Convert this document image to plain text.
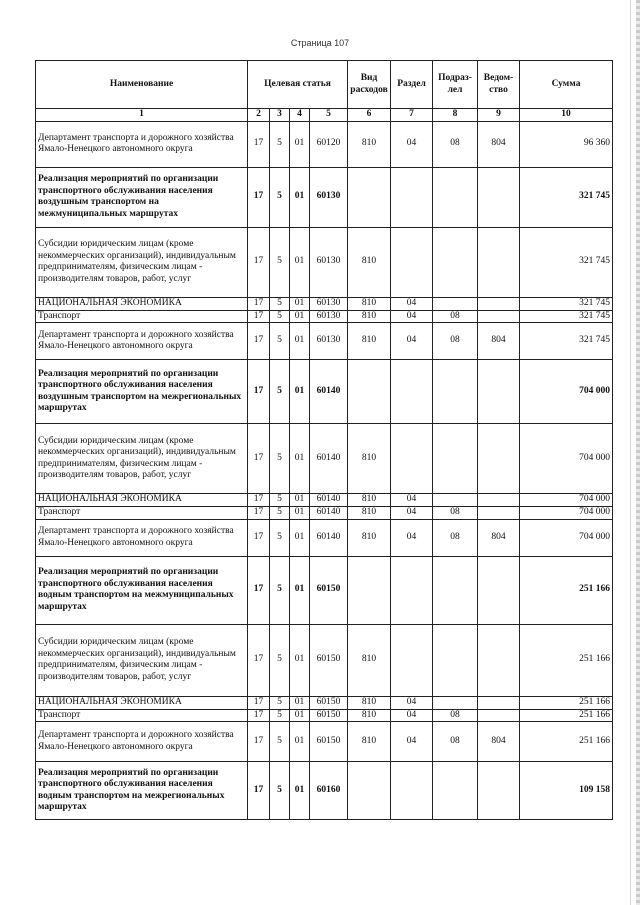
Страница 107
Наименование	Целевая статья				Вид расходов	Раздел	Подраз-лел	Ведом-ство	Сумма
1	2	3	4	5	6	7	8	9	10
Департамент транспорта и дорожного хозяйства Ямало-Ненецкого автономного округа	17	5	01	60120	810	04	08	804	96 360
Реализация мероприятий по организации транспортного обслуживания населения воздушным транспортом на межмуниципальных маршрутах	17	5	01	60130					321 745
Субсидии юридическим лицам (кроме некоммерческих организаций), индивидуальным предпринимателям, физическим лицам - производителям товаров, работ, услуг	17	5	01	60130	810				321 745
НАЦИОНАЛЬНАЯ ЭКОНОМИКА	17	5	01	60130	810	04			321 745
Транспорт	17	5	01	60130	810	04	08		321 745
Департамент транспорта и дорожного хозяйства Ямало-Ненецкого автономного округа	17	5	01	60130	810	04	08	804	321 745
Реализация мероприятий по организации транспортного обслуживания населения воздушным транспортом на межрегиональных маршрутах	17	5	01	60140					704 000
Субсидии юридическим лицам (кроме некоммерческих организаций), индивидуальным предпринимателям, физическим лицам - производителям товаров, работ, услуг	17	5	01	60140	810				704 000
НАЦИОНАЛЬНАЯ ЭКОНОМИКА	17	5	01	60140	810	04			704 000
Транспорт	17	5	01	60140	810	04	08		704 000
Департамент транспорта и дорожного хозяйства Ямало-Ненецкого автономного округа	17	5	01	60140	810	04	08	804	704 000
Реализация мероприятий по организации транспортного обслуживания населения водным транспортом на межмуниципальных маршрутах	17	5	01	60150					251 166
Субсидии юридическим лицам (кроме некоммерческих организаций), индивидуальным предпринимателям, физическим лицам - производителям товаров, работ, услуг	17	5	01	60150	810				251 166
НАЦИОНАЛЬНАЯ ЭКОНОМИКА	17	5	01	60150	810	04			251 166
Транспорт	17	5	01	60150	810	04	08		251 166
Департамент транспорта и дорожного хозяйства Ямало-Ненецкого автономного округа	17	5	01	60150	810	04	08	804	251 166
Реализация мероприятий по организации транспортного обслуживания населения водным транспортом на межрегиональных маршрутах	17	5	01	60160					109 158
